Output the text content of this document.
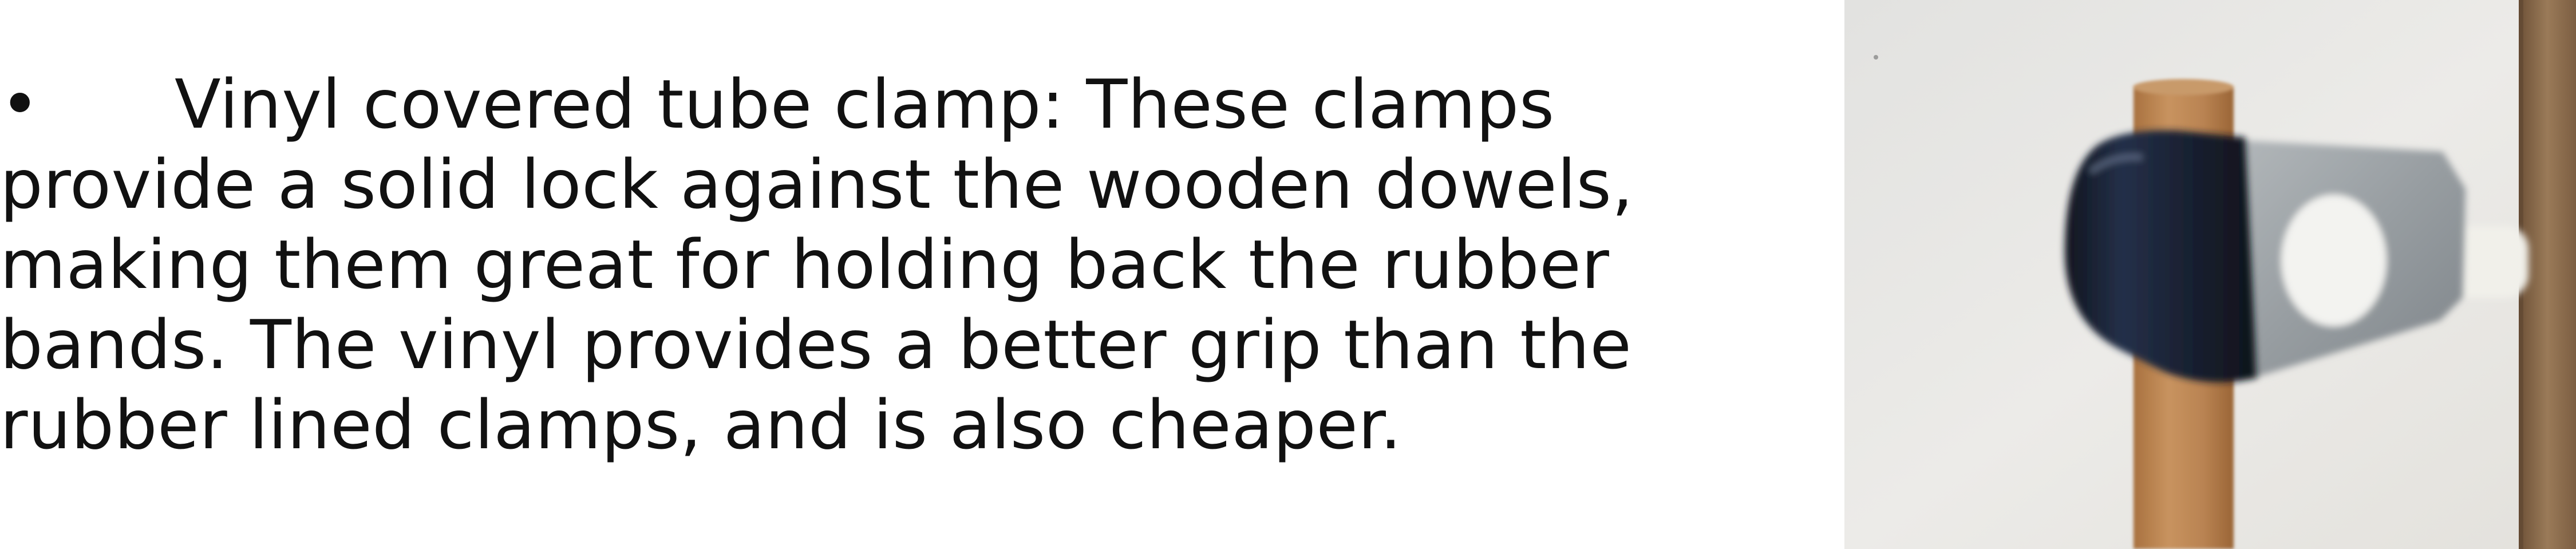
• Vinyl covered tube clamp: These clamps
provide a solid lock against the wooden dowels,
making them great for holding back the rubber
bands. The vinyl provides a better grip than the
rubber lined clamps, and is also cheaper.
